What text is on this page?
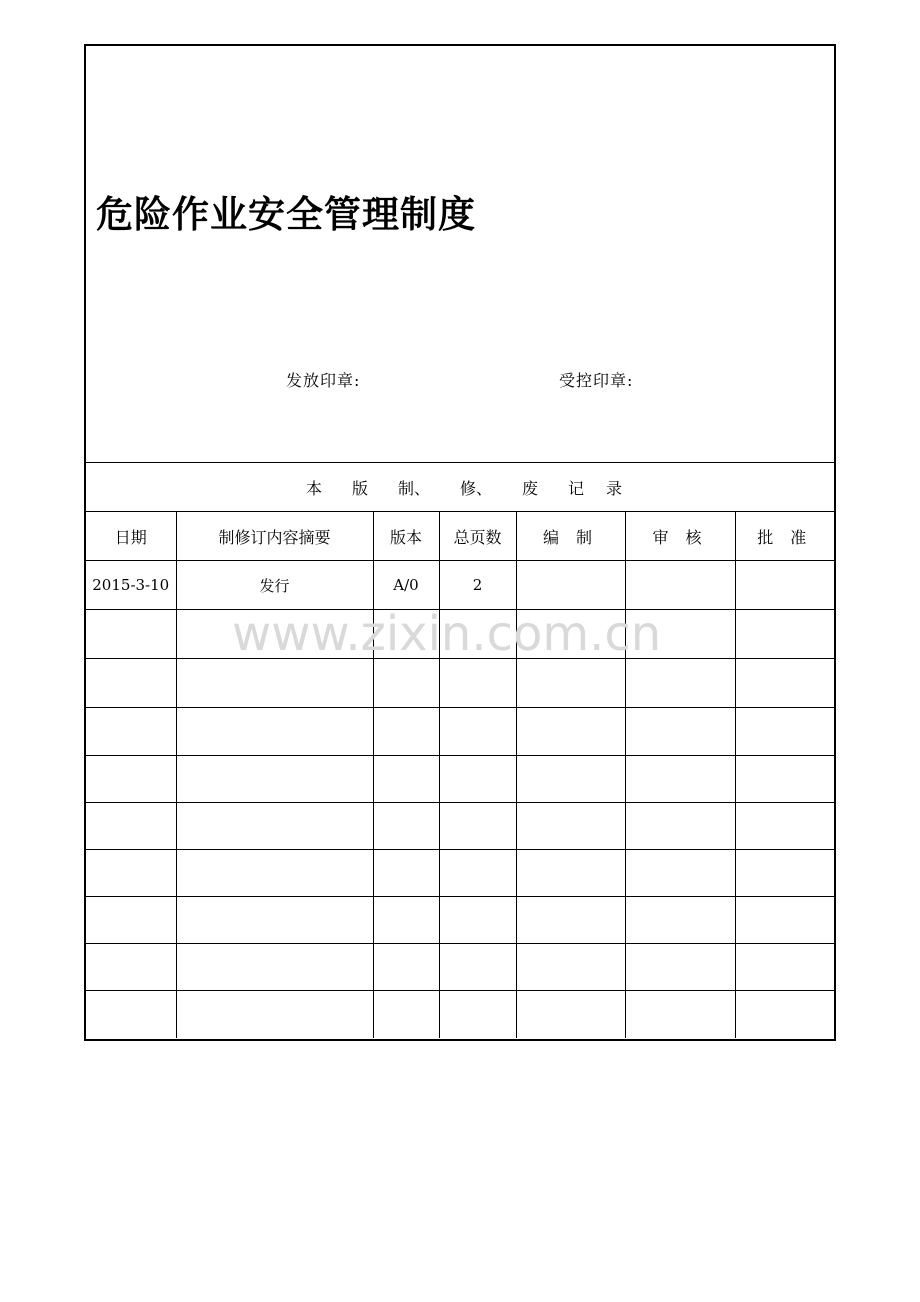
危险作业安全管理制度
发放印章:	受控印章:
本 版 制、 修、 废 记 录						
日期	制修订内容摘要	版本	总页数	编 制	审 核	批 准
2015-3-10	发行	A/0	2			

www.zixin.com.cn
